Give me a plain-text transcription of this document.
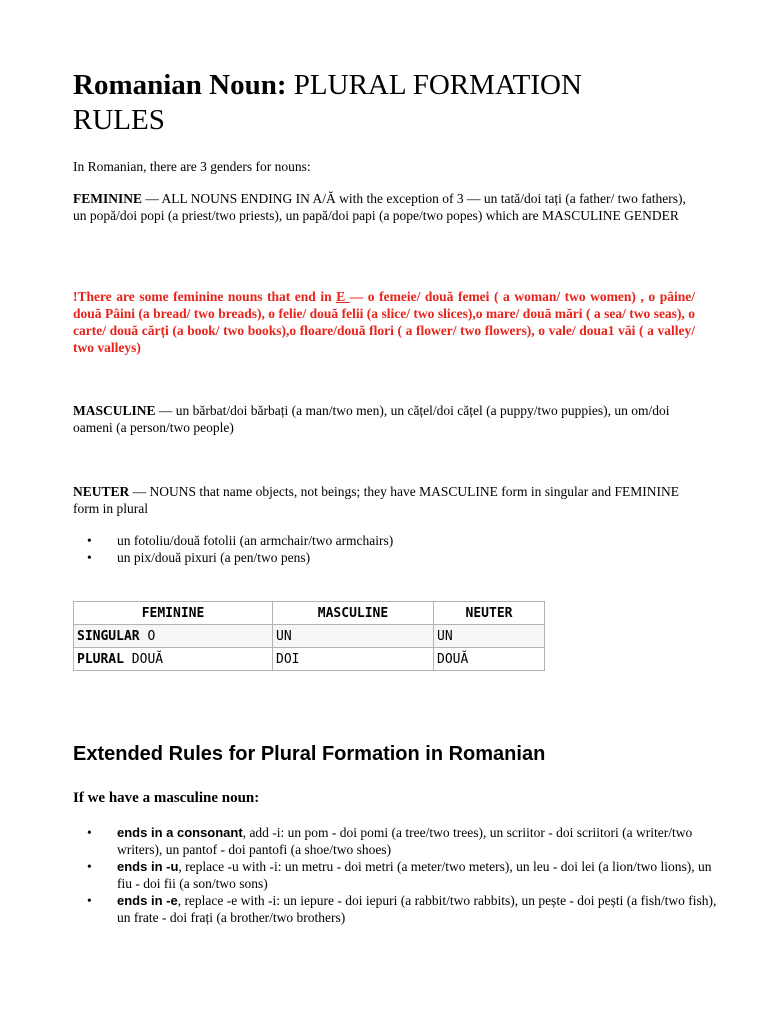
Romanian Noun: PLURAL FORMATION RULES

In Romanian, there are 3 genders for nouns:

FEMININE — ALL NOUNS ENDING IN A/Ă with the exception of 3 — un tată/doi tați (a father/ two fathers), un popă/doi popi (a priest/two priests), un papă/doi papi (a pope/two popes) which are MASCULINE GENDER

!There are some feminine nouns that end in E — o femeie/ două femei ( a woman/ two women) , o pâine/ două Pâini (a bread/ two breads), o felie/ două felii (a slice/ two slices),o mare/ două mări ( a sea/ two seas), o carte/ două cărți (a book/ two books),o floare/două flori ( a flower/ two flowers), o vale/ doua1 văi ( a valley/ two valleys)

MASCULINE — un bărbat/doi bărbați (a man/two men), un cățel/doi cățel (a puppy/two puppies), un om/doi oameni (a person/two people)

NEUTER — NOUNS that name objects, not beings; they have MASCULINE form in singular and FEMININE form in plural

• un fotoliu/două fotolii (an armchair/two armchairs)
• un pix/două pixuri (a pen/two pens)
FEMININE	MASCULINE	NEUTER
SINGULAR O	UN	UN
PLURAL DOUĂ	DOI	DOUĂ
Extended Rules for Plural Formation in Romanian
If we have a masculine noun:
• ends in a consonant, add -i: un pom - doi pomi (a tree/two trees), un scriitor - doi scriitori (a writer/two writers), un pantof - doi pantofi (a shoe/two shoes)
• ends in -u, replace -u with -i: un metru - doi metri (a meter/two meters), un leu - doi lei (a lion/two lions), un fiu - doi fii (a son/two sons)
• ends in -e, replace -e with -i: un iepure - doi iepuri (a rabbit/two rabbits), un pește - doi pești (a fish/two fish), un frate - doi frați (a brother/two brothers)
